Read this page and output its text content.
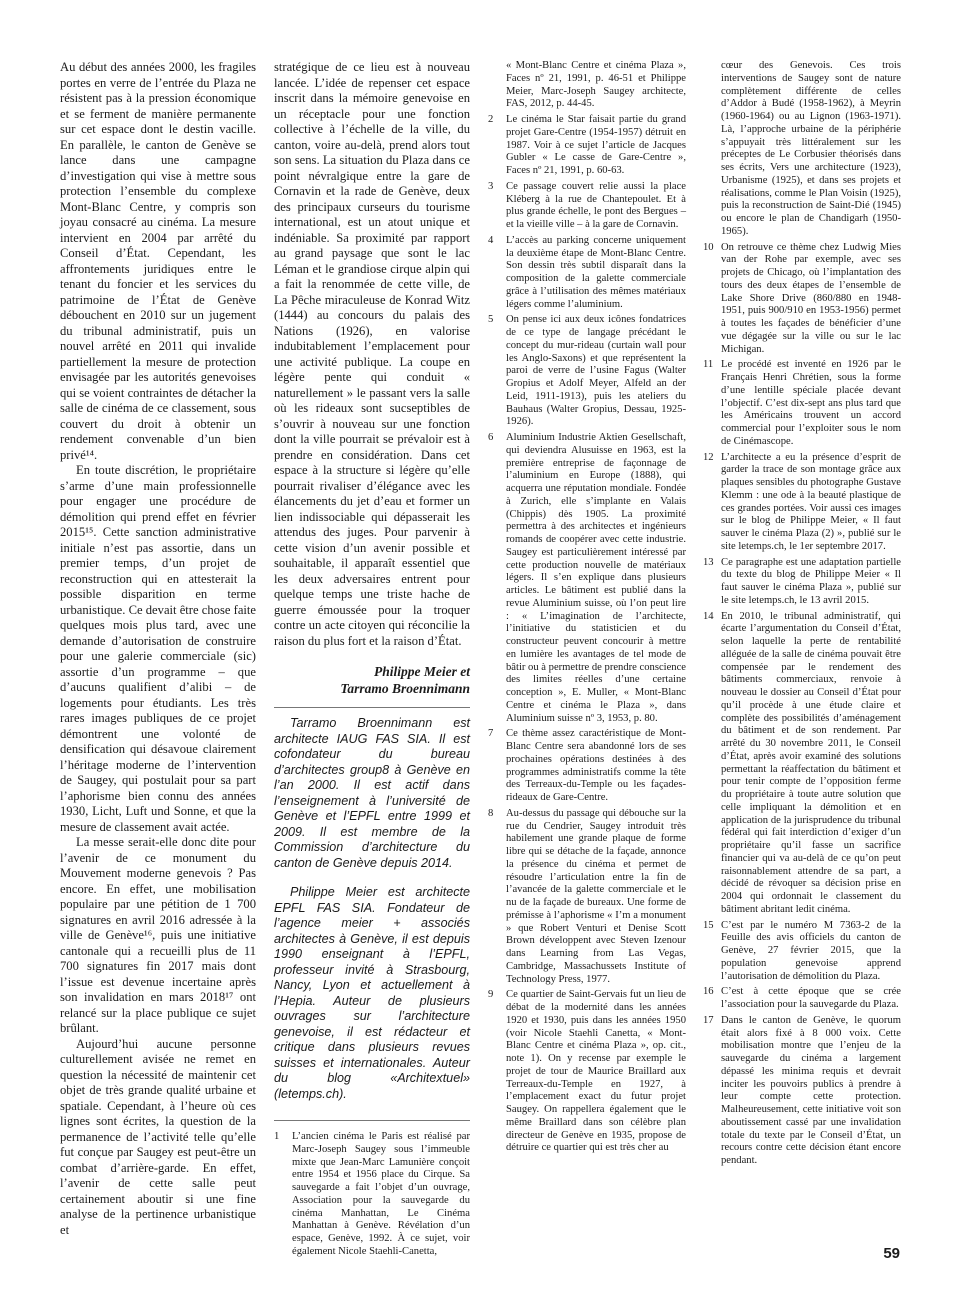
Au début des années 2000, les fragiles portes en verre de l’entrée du Plaza ne résistent pas à la pression économique et se ferment de manière permanente sur cet espace dont le destin vacille. En parallèle, le canton de Genève se lance dans une campagne d’investigation qui vise à mettre sous protection l’ensemble du complexe Mont-Blanc Centre, y compris son joyau consacré au cinéma. La mesure intervient en 2004 par arrêté du Conseil d’État. Cependant, les affrontements juridiques entre le tenant du foncier et les services du patrimoine de l’État de Genève débouchent en 2010 sur un jugement du tribunal administratif, puis un nouvel arrêté en 2011 qui invalide partiellement la mesure de protection envisagée par les autorités genevoises qui se voient contraintes de détacher la salle de cinéma de ce classement, sous couvert du droit à obtenir un rendement convenable d’un bien privé¹⁴.

En toute discrétion, le propriétaire s’arme d’une main professionnelle pour engager une procédure de démolition qui prend effet en février 2015¹⁵. Cette sanction administrative initiale n’est pas assortie, dans un premier temps, d’un projet de reconstruction qui en attesterait la possible disparition en terme urbanistique. Ce devait être chose faite quelques mois plus tard, avec une demande d’autorisation de construire pour une galerie commerciale (sic) assortie d’un programme – que d’aucuns qualifient d’alibi – de logements pour étudiants. Les très rares images publiques de ce projet démontrent une volonté de densification qui désavoue clairement l’héritage moderne de l’intervention de Saugey, qui postulait pour sa part l’aphorisme bien connu des années 1930, Licht, Luft und Sonne, et que la mesure de classement avait actée.

La messe serait-elle donc dite pour l’avenir de ce monument du Mouvement moderne genevois ? Pas encore. En effet, une mobilisation populaire par une pétition de 1 700 signatures en avril 2016 adressée à la ville de Genève¹⁶, puis une initiative cantonale qui a recueilli plus de 11 700 signatures fin 2017 mais dont l’issue est devenue incertaine après son invalidation en mars 2018¹⁷ ont relancé sur la place publique ce sujet brûlant.

Aujourd’hui aucune personne culturellement avisée ne remet en question la nécessité de maintenir cet objet de très grande qualité urbaine et spatiale. Cependant, à l’heure où ces lignes sont écrites, la question de la permanence de l’activité telle qu’elle fut conçue par Saugey est peut-être un combat d’arrière-garde. En effet, l’avenir de cette salle peut certainement aboutir si une fine analyse de la pertinence urbanistique et

stratégique de ce lieu est à nouveau lancée. L’idée de repenser cet espace inscrit dans la mémoire genevoise en un réceptacle pour une fonction collective à l’échelle de la ville, du canton, voire au-delà, prend alors tout son sens. La situation du Plaza dans ce point névralgique entre la gare de Cornavin et la rade de Genève, deux des principaux curseurs du tourisme international, est un atout unique et indéniable. Sa proximité par rapport au grand paysage que sont le lac Léman et le grandiose cirque alpin qui a fait la renommée de cette ville, de La Pêche miraculeuse de Konrad Witz (1444) au concours du palais des Nations (1926), en valorise indubitablement l’emplacement pour une activité publique. La coupe en légère pente qui conduit « naturellement » le passant vers la salle où les rideaux sont sucseptibles de s’ouvrir à nouveau sur une fonction dont la ville pourrait se prévaloir est à prendre en considération. Dans cet espace à la structure si légère qu’elle pourrait rivaliser d’élégance avec les élancements du jet d’eau et former un lien indissociable qui dépasserait les attendus des juges. Pour parvenir à cette vision d’un avenir possible et souhaitable, il apparaît essentiel que les deux adversaires entrent pour quelque temps une triste hache de guerre émoussée pour la troquer contre un acte citoyen qui réconcilie la raison du plus fort et la raison d’État.

Philippe Meier et
Tarramo Broennimann

Tarramo Broennimann est architecte IAUG FAS SIA. Il est cofondateur du bureau d’architectes group8 à Genève en l’an 2000. Il est actif dans l’enseignement à l’université de Genève et l’EPFL entre 1999 et 2009. Il est membre de la Commission d’architecture du canton de Genève depuis 2014.

Philippe Meier est architecte EPFL FAS SIA. Fondateur de l’agence meier + associés architectes à Genève, il est depuis 1990 enseignant à l’EPFL, professeur invité à Strasbourg, Nancy, Lyon et actuellement à l’Hepia. Auteur de plusieurs ouvrages sur l’architecture genevoise, il est rédacteur et critique dans plusieurs revues suisses et internationales. Auteur du blog «Architextuel» (letemps.ch).

1	L’ancien cinéma le Paris est réalisé par Marc-Joseph Saugey sous l’immeuble mixte que Jean-Marc Lamunière conçoit entre 1954 et 1956 place du Cirque. Sa sauvegarde a fait l’objet d’un ouvrage, Association pour la sauvegarde du cinéma Manhattan, Le Cinéma Manhattan à Genève. Révélation d’un espace, Genève, 1992. À ce sujet, voir également Nicole Staehli-Canetta,
« Mont-Blanc Centre et cinéma Plaza », Faces nº 21, 1991, p. 46-51 et Philippe Meier, Marc-Joseph Saugey architecte, FAS, 2012, p. 44-45.
2	Le cinéma le Star faisait partie du grand projet Gare-Centre (1954-1957) détruit en 1987. Voir à ce sujet l’article de Jacques Gubler « Le casse de Gare-Centre », Faces nº 21, 1991, p. 60-63.
3	Ce passage couvert relie aussi la place Kléberg à la rue de Chantepoulet. Et à plus grande échelle, le pont des Bergues – et la vieille ville – à la gare de Cornavin.
4	L’accès au parking concerne uniquement la deuxième étape de Mont-Blanc Centre. Son dessin très subtil disparaît dans la composition de la galette commerciale grâce à l’utilisation des mêmes matériaux légers comme l’aluminium.
5	On pense ici aux deux icônes fondatrices de ce type de langage précédant le concept du mur-rideau (curtain wall pour les Anglo-Saxons) et que représentent la paroi de verre de l’usine Fagus (Walter Gropius et Adolf Meyer, Alfeld an der Leid, 1911-1913), puis les ateliers du Bauhaus (Walter Gropius, Dessau, 1925-1926).
6	Aluminium Industrie Aktien Gesellschaft, qui deviendra Alusuisse en 1963, est la première entreprise de façonnage de l’aluminium en Europe (1888), qui acquerra une réputation mondiale. Fondée à Zurich, elle s’implante en Valais (Chippis) dès 1905. La proximité permettra à des architectes et ingénieurs romands de coopérer avec cette industrie. Saugey est particulièrement intéressé par cette production nouvelle de matériaux légers. Il s’en explique dans plusieurs articles. Le bâtiment est publié dans la revue Aluminium suisse, où l’on peut lire : « L’imagination de l’architecte, l’initiative du statisticien et du constructeur peuvent concourir à mettre en lumière les avantages de tel mode de bâtir ou à permettre de prendre conscience des limites réelles d’une certaine conception », E. Muller, « Mont-Blanc Centre et cinéma le Plaza », dans Aluminium suisse nº 3, 1953, p. 80.
7	Ce thème assez caractéristique de Mont-Blanc Centre sera abandonné lors de ses prochaines opérations destinées à des programmes administratifs comme la tête des Terreaux-du-Temple ou les façades-rideaux de Gare-Centre.
8	Au-dessus du passage qui débouche sur la rue du Cendrier, Saugey introduit très habilement une grande plaque de forme libre qui se détache de la façade, annonce la présence du cinéma et permet de résoudre l’articulation entre la fin de l’avancée de la galette commerciale et le nu de la façade de bureaux. Une forme de prémisse à l’aphorisme « I’m a monument » que Robert Venturi et Denise Scott Brown développent avec Steven Izenour dans Learning from Las Vegas, Cambridge, Massachussets Institute of Technology Press, 1977.
9	Ce quartier de Saint-Gervais fut un lieu de débat de la modernité dans les années 1920 et 1930, puis dans les années 1950 (voir Nicole Staehli Canetta, « Mont-Blanc Centre et cinéma Plaza », op. cit., note 1). On y recense par exemple le projet de tour de Maurice Braillard aux Terreaux-du-Temple en 1927, à l’emplacement exact du futur projet Saugey. On rappellera également que le même Braillard dans son célèbre plan directeur de Genève en 1935, propose de détruire ce quartier qui est très cher au
cœur des Genevois. Ces trois interventions de Saugey sont de nature complètement différente de celles d’Addor à Budé (1958-1962), à Meyrin (1960-1964) ou au Lignon (1963-1971). Là, l’approche urbaine de la périphérie s’appuyait très littéralement sur les préceptes de Le Corbusier théorisés dans ses écrits, Vers une architecture (1923), Urbanisme (1925), et dans ses projets et réalisations, comme le Plan Voisin (1925), puis la reconstruction de Saint-Dié (1945) ou encore le plan de Chandigarh (1950-1965).
10 On retrouve ce thème chez Ludwig Mies van der Rohe par exemple, avec ses projets de Chicago, où l’implantation des tours des deux étapes de l’ensemble de Lake Shore Drive (860/880 en 1948-1951, puis 900/910 en 1953-1956) permet à toutes les façades de bénéficier d’une vue dégagée sur la ville ou sur le lac Michigan.
11 Le procédé est inventé en 1926 par le Français Henri Chrétien, sous la forme d’une lentille spéciale placée devant l’objectif. C’est dix-sept ans plus tard que les Américains trouvent un accord commercial pour l’exploiter sous le nom de Cinémascope.
12 L’architecte a eu la présence d’esprit de garder la trace de son montage grâce aux plaques sensibles du photographe Gustave Klemm : une ode à la beauté plastique de ces grandes portées. Voir aussi ces images sur le blog de Philippe Meier, « Il faut sauver le cinéma Plaza (2) », publié sur le site letemps.ch, le 1er septembre 2017.
13 Ce paragraphe est une adaptation partielle du texte du blog de Philippe Meier « Il faut sauver le cinéma Plaza », publié sur le site letemps.ch, le 13 avril 2015.
14 En 2010, le tribunal administratif, qui écarte l’argumentation du Conseil d’État, selon laquelle la perte de rentabilité alléguée de la salle de cinéma pouvait être compensée par le rendement des bâtiments commerciaux, renvoie à nouveau le dossier au Conseil d’État pour qu’il procède à une étude claire et complète des possibilités d’aménagement du bâtiment et de son rendement. Par arrêté du 30 novembre 2011, le Conseil d’État, après avoir examiné des solutions permettant la réaffectation du bâtiment et pour tenir compte de l’opposition ferme du propriétaire à toute autre solution que celle impliquant la démolition et en application de la jurisprudence du tribunal fédéral qui fait interdiction d’exiger d’un propriétaire qu’il fasse un sacrifice financier qui va au-delà de ce qu’on peut raisonnablement attendre de sa part, a décidé de révoquer sa décision prise en 2004 qui ordonnait le classement du bâtiment abritant ledit cinéma.
15 C’est par le numéro M 7363-2 de la Feuille des avis officiels du canton de Genève, 27 février 2015, que la population genevoise apprend l’autorisation de démolition du Plaza.
16 C’est à cette époque que se crée l’association pour la sauvegarde du Plaza.
17 Dans le canton de Genève, le quorum était alors fixé à 8 000 voix. Cette mobilisation montre que l’enjeu de la sauvegarde du cinéma a largement dépassé les minima requis et devrait inciter les pouvoirs publics à prendre à leur compte cette protection. Malheureusement, cette initiative voit son aboutissement cassé par une invalidation totale du texte par le Conseil d’État, un recours contre cette décision étant encore pendant.
59
